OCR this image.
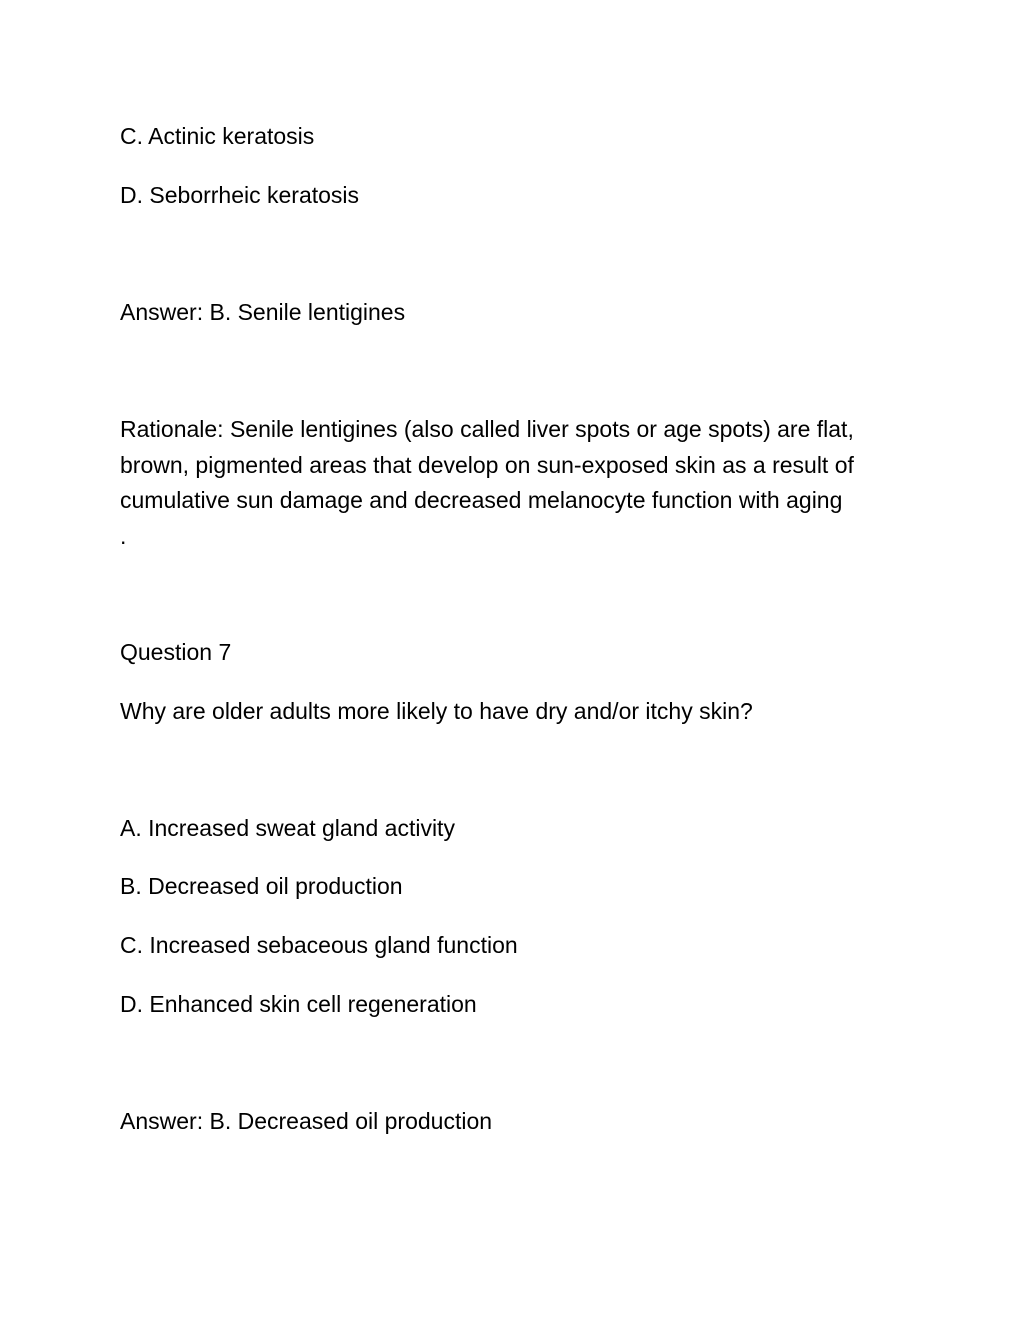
C. Actinic keratosis

D. Seborrheic keratosis

Answer: B. Senile lentigines

Rationale: Senile lentigines (also called liver spots or age spots) are flat,
brown, pigmented areas that develop on sun-exposed skin as a result of
cumulative sun damage and decreased melanocyte function with aging
.

Question 7

Why are older adults more likely to have dry and/or itchy skin?

A. Increased sweat gland activity

B. Decreased oil production

C. Increased sebaceous gland function

D. Enhanced skin cell regeneration

Answer: B. Decreased oil production
